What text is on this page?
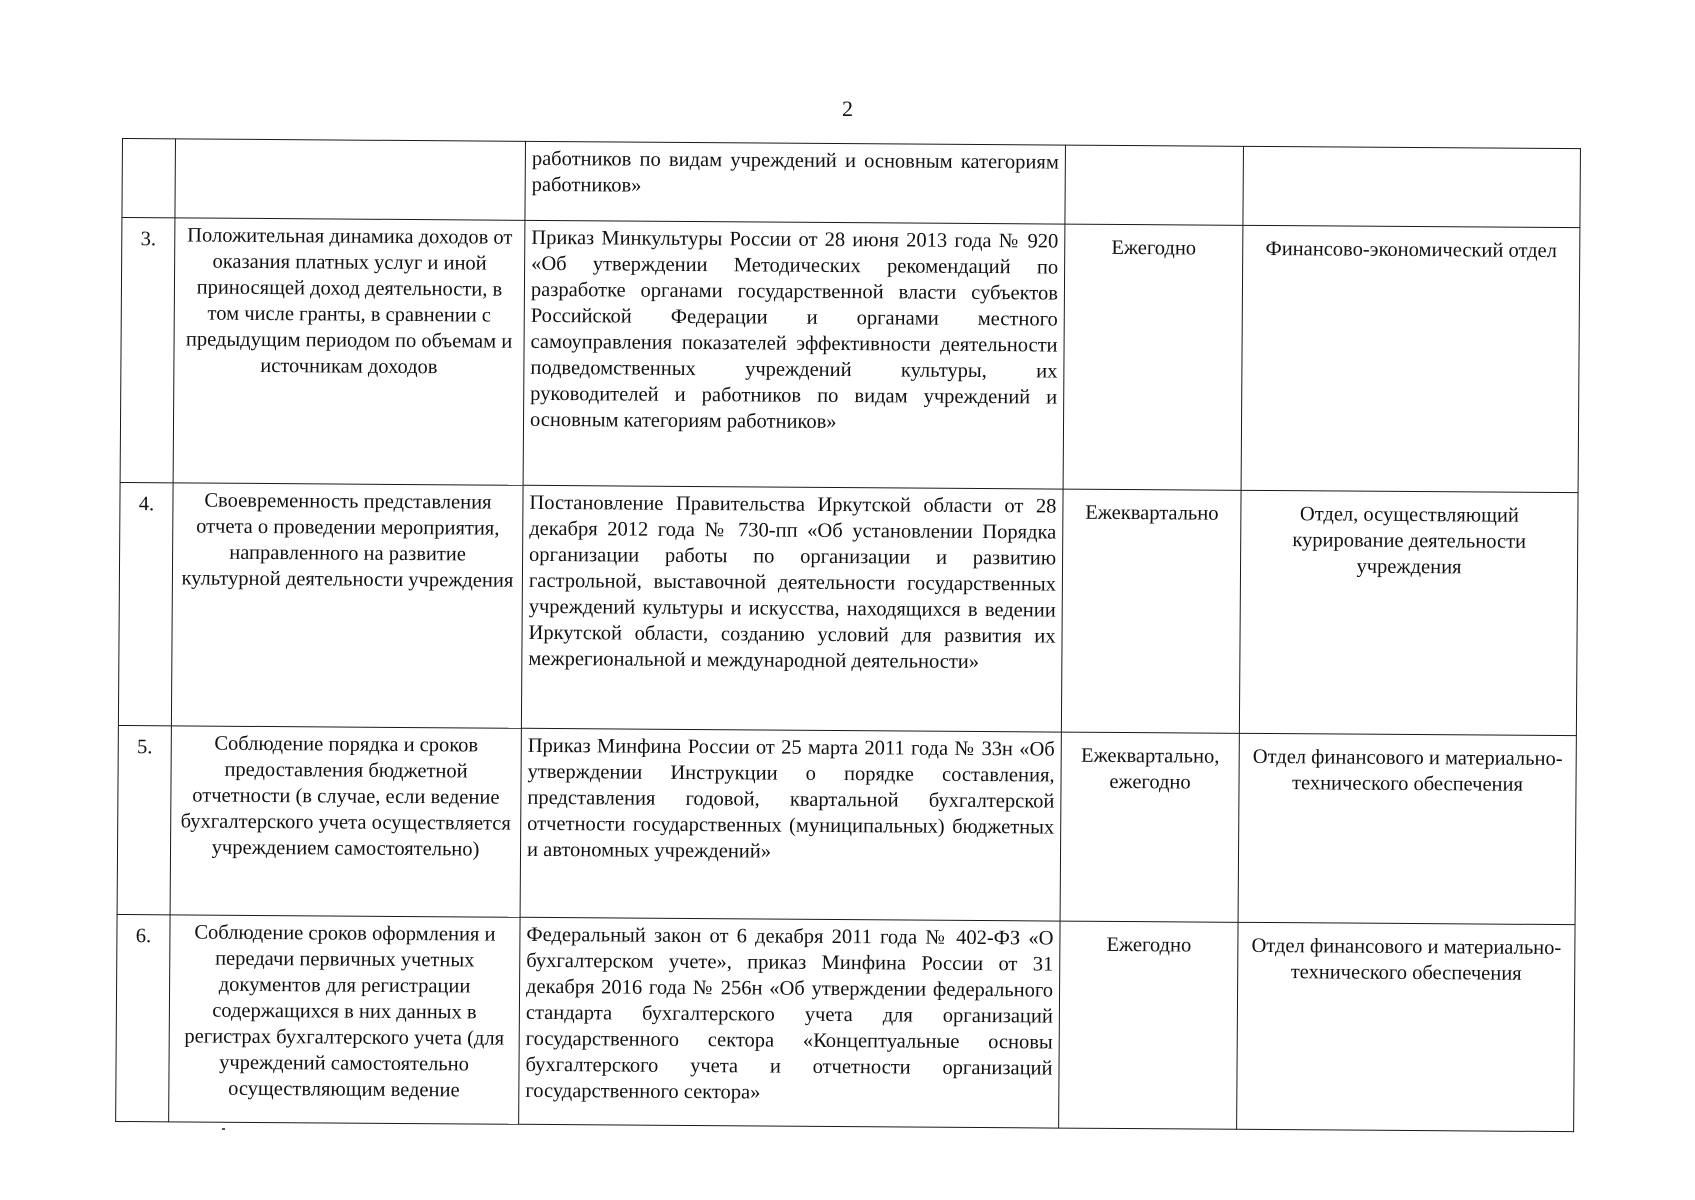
2
		работников по видам учреждений и основным категориям работников»		
3.	Положительная динамика доходов от оказания платных услуг и иной приносящей доход деятельности, в том числе гранты, в сравнении с предыдущим периодом по объемам и источникам доходов	Приказ Минкультуры России от 28 июня 2013 года № 920 «Об утверждении Методических рекомендаций по разработке органами государственной власти субъектов Российской Федерации и органами местного самоуправления показателей эффективности деятельности подведомственных учреждений культуры, их руководителей и работников по видам учреждений и основным категориям работников»	Ежегодно	Финансово-экономический отдел
4.	Своевременность представления отчета о проведении мероприятия, направленного на развитие культурной деятельности учреждения	Постановление Правительства Иркутской области от 28 декабря 2012 года № 730-пп «Об установлении Порядка организации работы по организации и развитию гастрольной, выставочной деятельности государственных учреждений культуры и искусства, находящихся в ведении Иркутской области, созданию условий для развития их межрегиональной и международной деятельности»	Ежеквартально	Отдел, осуществляющий курирование деятельности учреждения
5.	Соблюдение порядка и сроков предоставления бюджетной отчетности (в случае, если ведение бухгалтерского учета осуществляется учреждением самостоятельно)	Приказ Минфина России от 25 марта 2011 года № 33н «Об утверждении Инструкции о порядке составления, представления годовой, квартальной бухгалтерской отчетности государственных (муниципальных) бюджетных и автономных учреждений»	Ежеквартально, ежегодно	Отдел финансового и материально-технического обеспечения
6.	Соблюдение сроков оформления и передачи первичных учетных документов для регистрации содержащихся в них данных в регистрах бухгалтерского учета (для учреждений самостоятельно осуществляющим ведение	Федеральный закон от 6 декабря 2011 года № 402-ФЗ «О бухгалтерском учете», приказ Минфина России от 31 декабря 2016 года № 256н «Об утверждении федерального стандарта бухгалтерского учета для организаций государственного сектора «Концептуальные основы бухгалтерского учета и отчетности организаций государственного сектора»	Ежегодно	Отдел финансового и материально-технического обеспечения
